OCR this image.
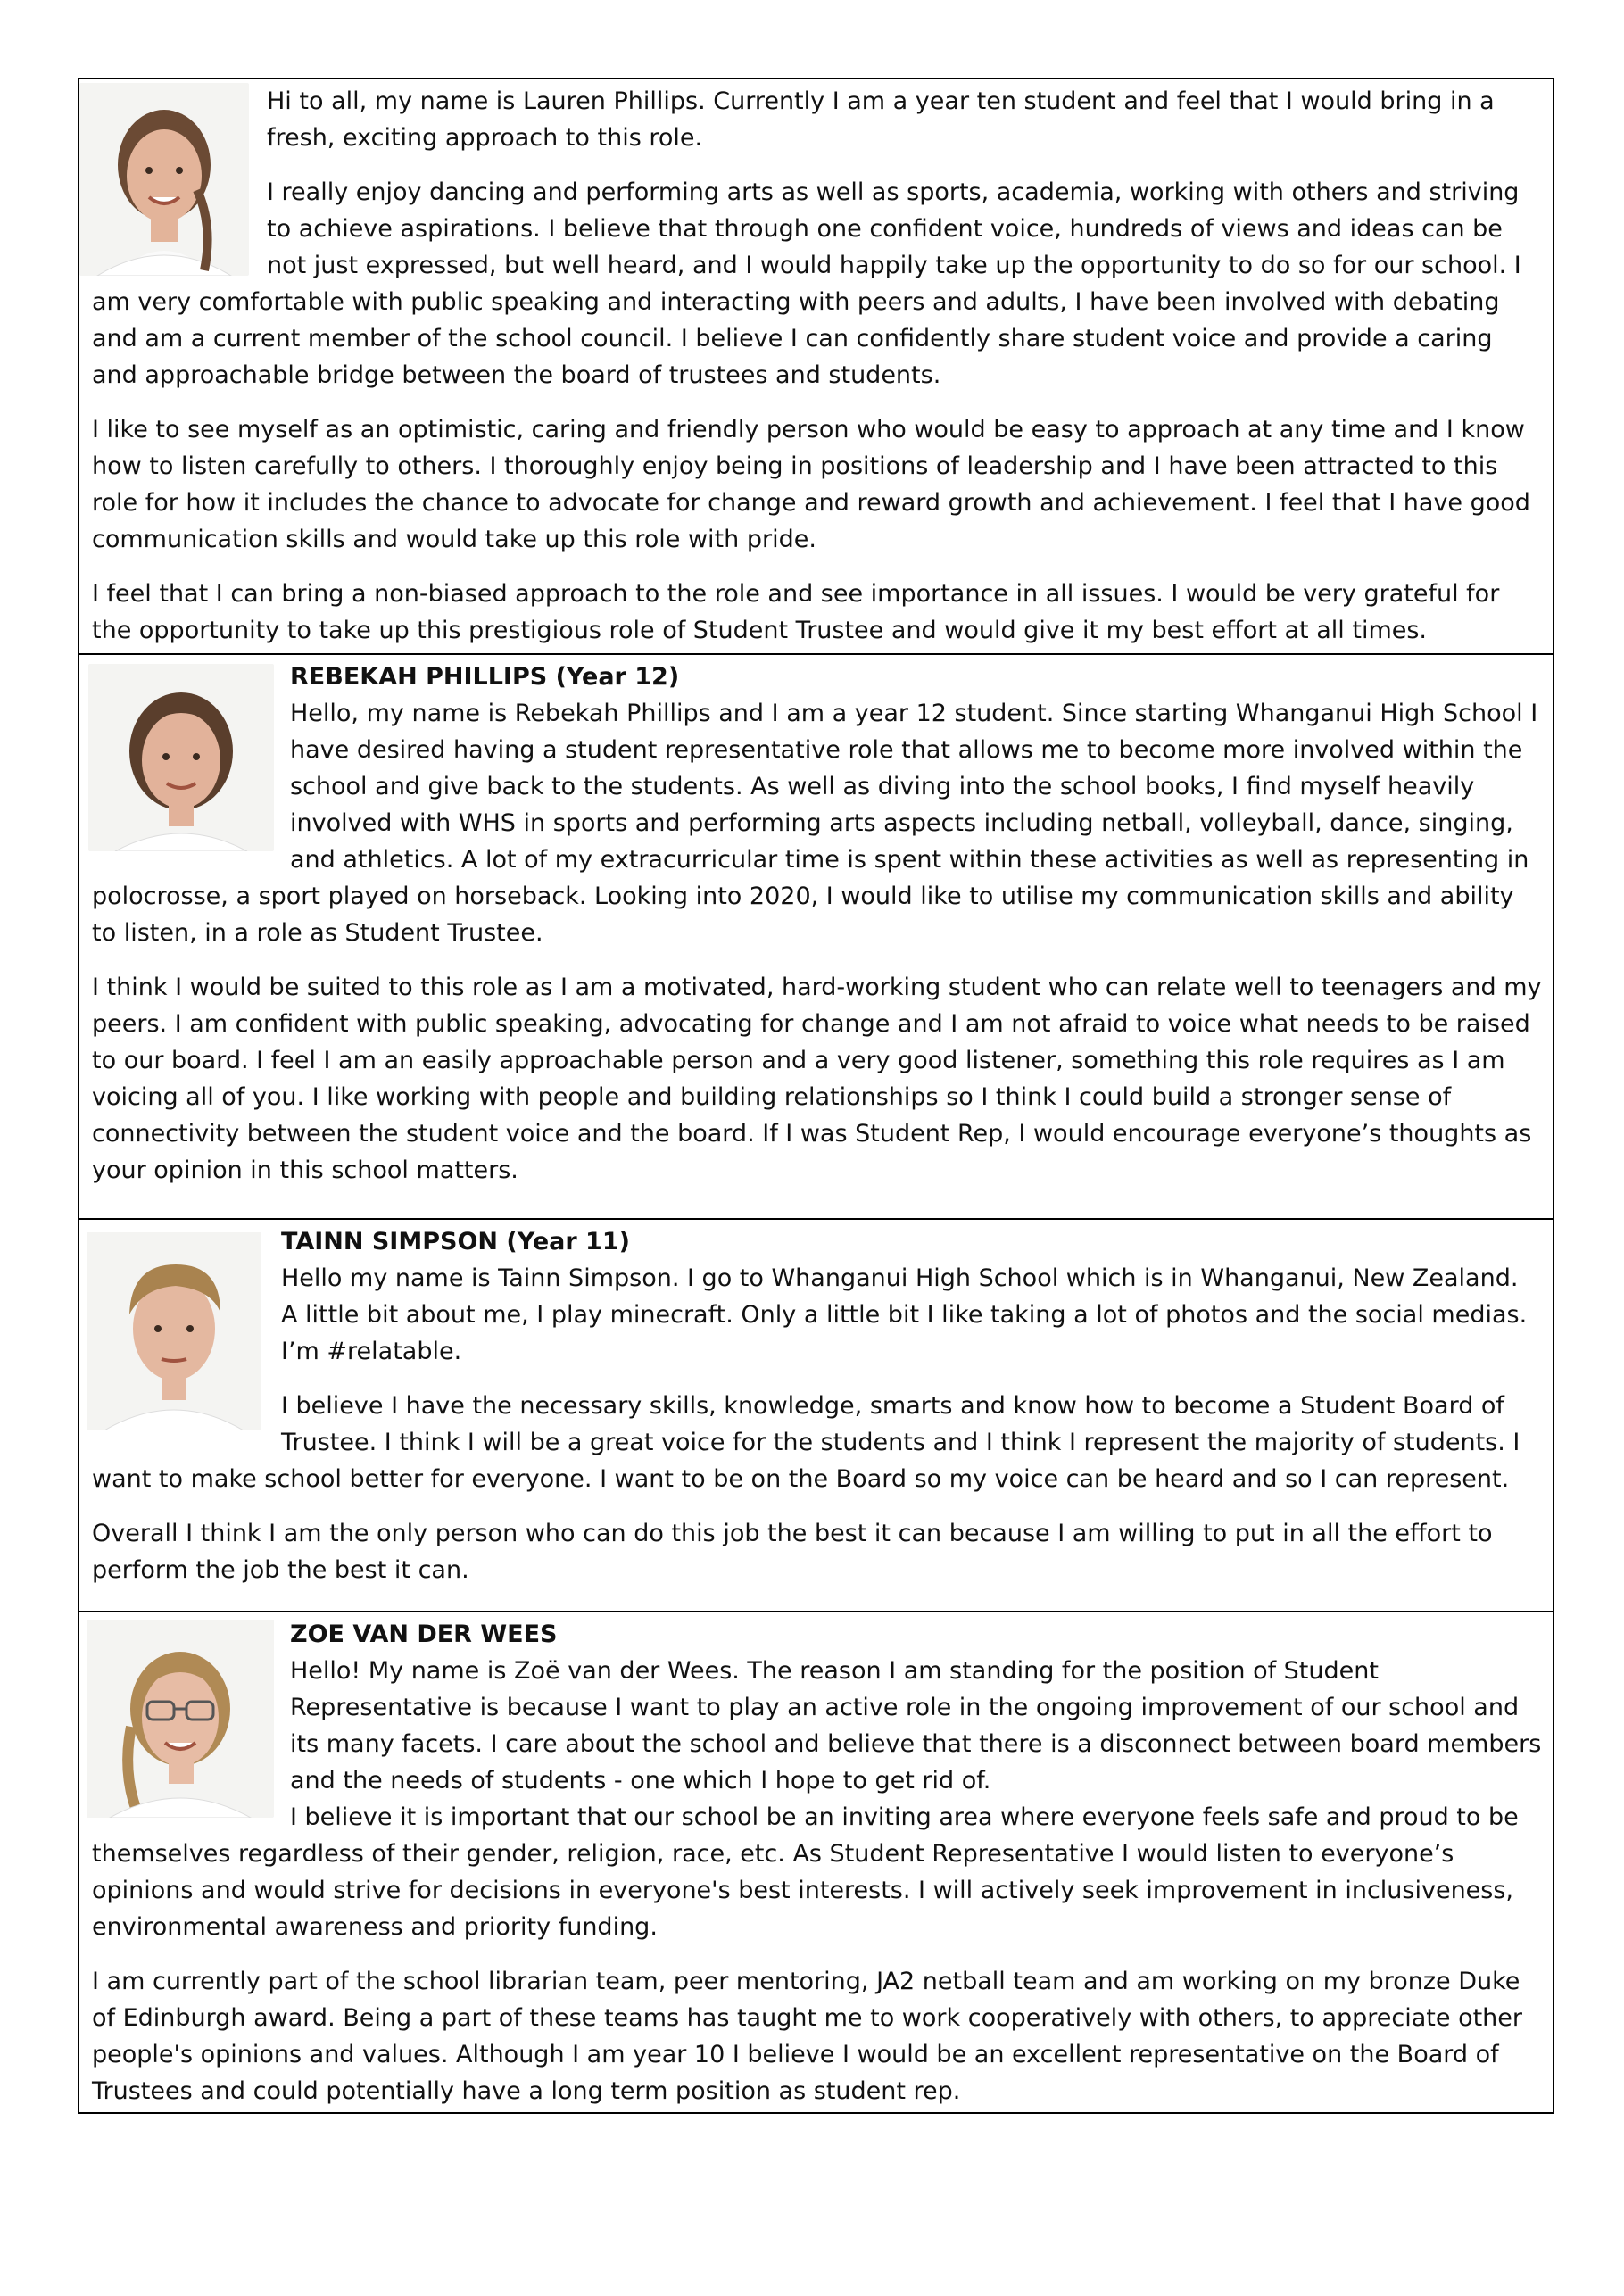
Hi to all, my name is Lauren Phillips. Currently I am a year ten student and feel that I would bring in a fresh, exciting approach to this role.

I really enjoy dancing and performing arts as well as sports, academia, working with others and striving to achieve aspirations. I believe that through one confident voice, hundreds of views and ideas can be not just expressed, but well heard, and I would happily take up the opportunity to do so for our school. I am very comfortable with public speaking and interacting with peers and adults, I have been involved with debating and am a current member of the school council. I believe I can confidently share student voice and provide a caring and approachable bridge between the board of trustees and students.

I like to see myself as an optimistic, caring and friendly person who would be easy to approach at any time and I know how to listen carefully to others. I thoroughly enjoy being in positions of leadership and I have been attracted to this role for how it includes the chance to advocate for change and reward growth and achievement. I feel that I have good communication skills and would take up this role with pride.

I feel that I can bring a non-biased approach to the role and see importance in all issues. I would be very grateful for the opportunity to take up this prestigious role of Student Trustee and would give it my best effort at all times.

REBEKAH PHILLIPS (Year 12)

Hello, my name is Rebekah Phillips and I am a year 12 student. Since starting Whanganui High School I have desired having a student representative role that allows me to become more involved within the school and give back to the students. As well as diving into the school books, I find myself heavily involved with WHS in sports and performing arts aspects including netball, volleyball, dance, singing, and athletics. A lot of my extracurricular time is spent within these activities as well as representing in polocrosse, a sport played on horseback. Looking into 2020, I would like to utilise my communication skills and ability to listen, in a role as Student Trustee.

I think I would be suited to this role as I am a motivated, hard-working student who can relate well to teenagers and my peers. I am confident with public speaking, advocating for change and I am not afraid to voice what needs to be raised to our board. I feel I am an easily approachable person and a very good listener, something this role requires as I am voicing all of you. I like working with people and building relationships so I think I could build a stronger sense of connectivity between the student voice and the board. If I was Student Rep, I would encourage everyone’s thoughts as your opinion in this school matters.

TAINN SIMPSON (Year 11)

Hello my name is Tainn Simpson. I go to Whanganui High School which is in Whanganui, New Zealand. A little bit about me, I play minecraft. Only a little bit I like taking a lot of photos and the social medias. I’m #relatable.

I believe I have the necessary skills, knowledge, smarts and know how to become a Student Board of Trustee. I think I will be a great voice for the students and I think I represent the majority of students. I want to make school better for everyone. I want to be on the Board so my voice can be heard and so I can represent.

Overall I think I am the only person who can do this job the best it can because I am willing to put in all the effort to perform the job the best it can.

ZOE VAN DER WEES

Hello! My name is Zoë van der Wees. The reason I am standing for the position of Student Representative is because I want to play an active role in the ongoing improvement of our school and its many facets. I care about the school and believe that there is a disconnect between board members and the needs of students - one which I hope to get rid of.

I believe it is important that our school be an inviting area where everyone feels safe and proud to be themselves regardless of their gender, religion, race, etc. As Student Representative I would listen to everyone’s opinions and would strive for decisions in everyone's best interests. I will actively seek improvement in inclusiveness, environmental awareness and priority funding.

I am currently part of the school librarian team, peer mentoring, JA2 netball team and am working on my bronze Duke of Edinburgh award. Being a part of these teams has taught me to work cooperatively with others, to appreciate other people's opinions and values. Although I am year 10 I believe I would be an excellent representative on the Board of Trustees and could potentially have a long term position as student rep.
